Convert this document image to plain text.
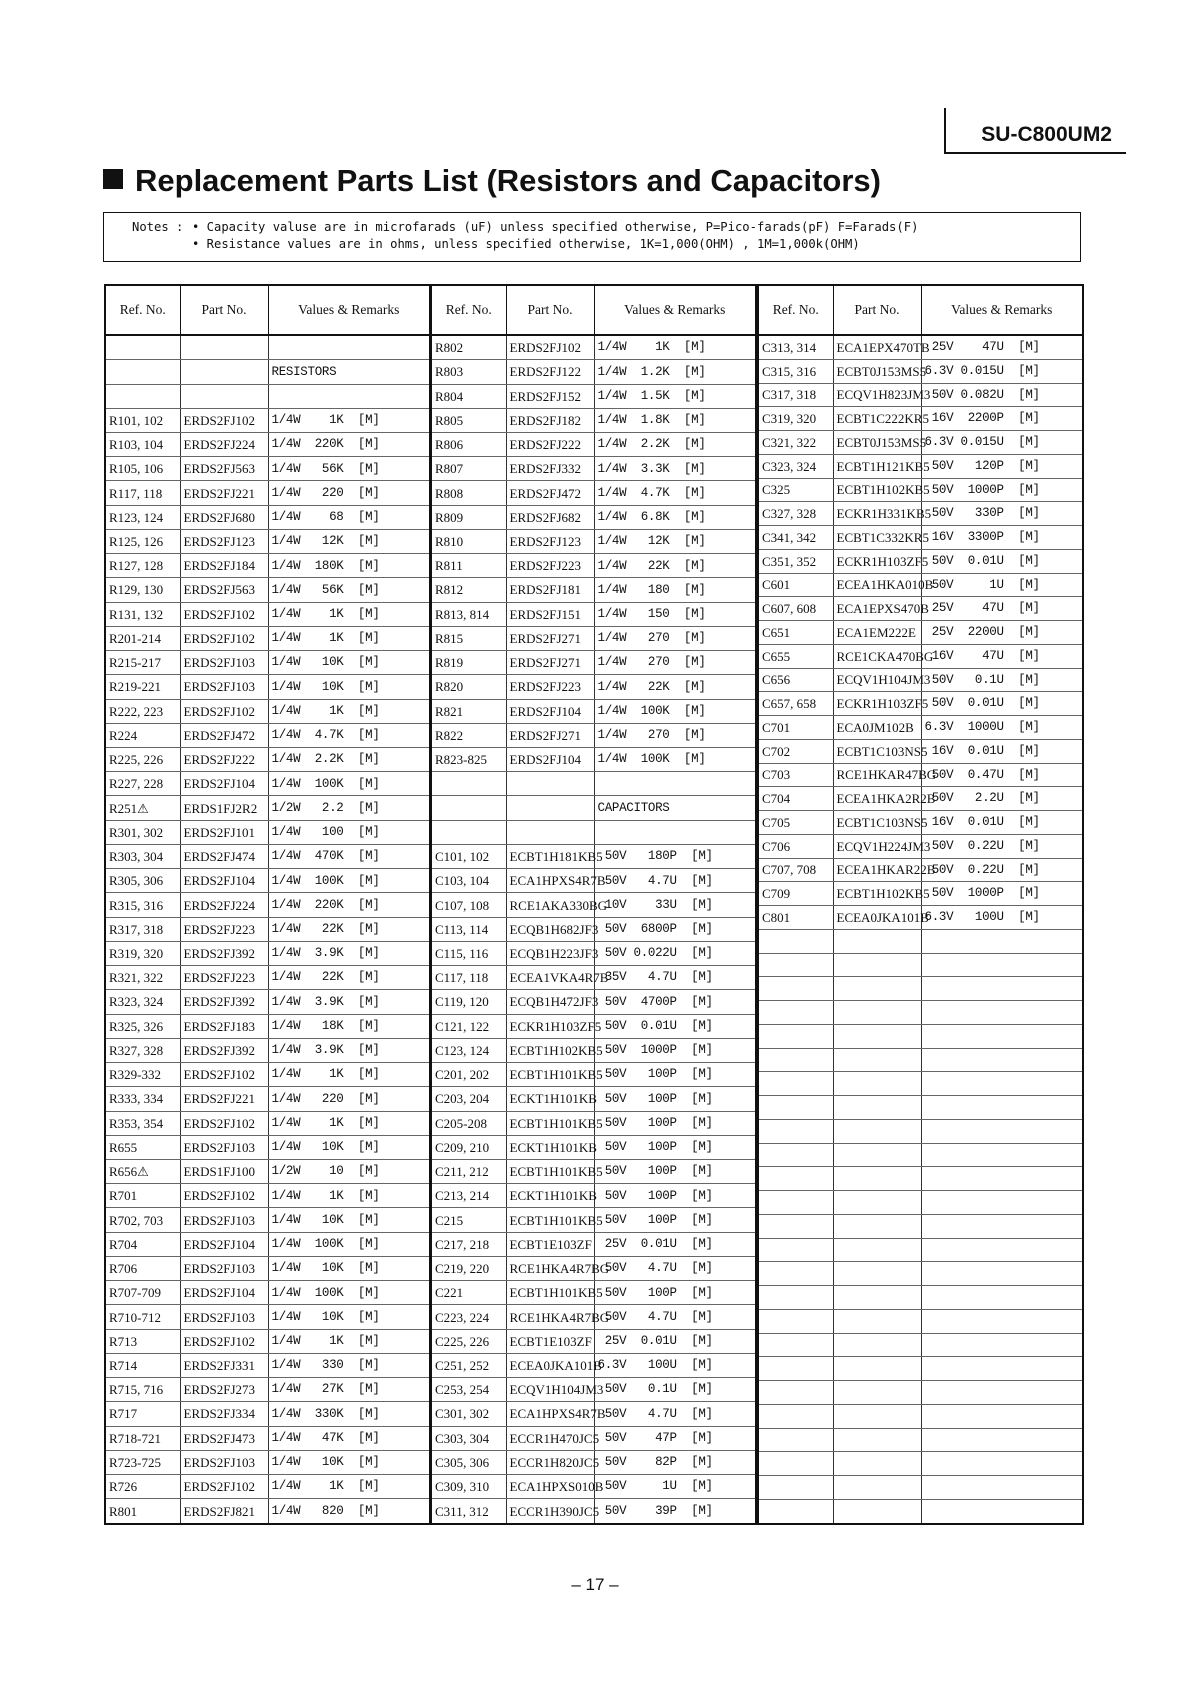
SU-C800UM2
Replacement Parts List (Resistors and Capacitors)
Notes : • Capacity valuse are in microfarads (uF) unless specified otherwise, P=Pico-farads(pF) F=Farads(F)
• Resistance values are in ohms, unless specified otherwise, 1K=1,000(OHM) , 1M=1,000k(OHM)
Ref. No.	Part No.	Values & Remarks

		RESISTORS

R101, 102	ERDS2FJ102	1/4W    1K  [M]
R103, 104	ERDS2FJ224	1/4W  220K  [M]
R105, 106	ERDS2FJ563	1/4W   56K  [M]
R117, 118	ERDS2FJ221	1/4W   220  [M]
R123, 124	ERDS2FJ680	1/4W    68  [M]
R125, 126	ERDS2FJ123	1/4W   12K  [M]
R127, 128	ERDS2FJ184	1/4W  180K  [M]
R129, 130	ERDS2FJ563	1/4W   56K  [M]
R131, 132	ERDS2FJ102	1/4W    1K  [M]
R201-214	ERDS2FJ102	1/4W    1K  [M]
R215-217	ERDS2FJ103	1/4W   10K  [M]
R219-221	ERDS2FJ103	1/4W   10K  [M]
R222, 223	ERDS2FJ102	1/4W    1K  [M]
R224	ERDS2FJ472	1/4W  4.7K  [M]
R225, 226	ERDS2FJ222	1/4W  2.2K  [M]
R227, 228	ERDS2FJ104	1/4W  100K  [M]
R251⚠	ERDS1FJ2R2	1/2W   2.2  [M]
R301, 302	ERDS2FJ101	1/4W   100  [M]
R303, 304	ERDS2FJ474	1/4W  470K  [M]
R305, 306	ERDS2FJ104	1/4W  100K  [M]
R315, 316	ERDS2FJ224	1/4W  220K  [M]
R317, 318	ERDS2FJ223	1/4W   22K  [M]
R319, 320	ERDS2FJ392	1/4W  3.9K  [M]
R321, 322	ERDS2FJ223	1/4W   22K  [M]
R323, 324	ERDS2FJ392	1/4W  3.9K  [M]
R325, 326	ERDS2FJ183	1/4W   18K  [M]
R327, 328	ERDS2FJ392	1/4W  3.9K  [M]
R329-332	ERDS2FJ102	1/4W    1K  [M]
R333, 334	ERDS2FJ221	1/4W   220  [M]
R353, 354	ERDS2FJ102	1/4W    1K  [M]
R655	ERDS2FJ103	1/4W   10K  [M]
R656⚠	ERDS1FJ100	1/2W    10  [M]
R701	ERDS2FJ102	1/4W    1K  [M]
R702, 703	ERDS2FJ103	1/4W   10K  [M]
R704	ERDS2FJ104	1/4W  100K  [M]
R706	ERDS2FJ103	1/4W   10K  [M]
R707-709	ERDS2FJ104	1/4W  100K  [M]
R710-712	ERDS2FJ103	1/4W   10K  [M]
R713	ERDS2FJ102	1/4W    1K  [M]
R714	ERDS2FJ331	1/4W   330  [M]
R715, 716	ERDS2FJ273	1/4W   27K  [M]
R717	ERDS2FJ334	1/4W  330K  [M]
R718-721	ERDS2FJ473	1/4W   47K  [M]
R723-725	ERDS2FJ103	1/4W   10K  [M]
R726	ERDS2FJ102	1/4W    1K  [M]
R801	ERDS2FJ821	1/4W   820  [M]
Ref. No.	Part No.	Values & Remarks
R802	ERDS2FJ102	1/4W    1K  [M]
R803	ERDS2FJ122	1/4W  1.2K  [M]
R804	ERDS2FJ152	1/4W  1.5K  [M]
R805	ERDS2FJ182	1/4W  1.8K  [M]
R806	ERDS2FJ222	1/4W  2.2K  [M]
R807	ERDS2FJ332	1/4W  3.3K  [M]
R808	ERDS2FJ472	1/4W  4.7K  [M]
R809	ERDS2FJ682	1/4W  6.8K  [M]
R810	ERDS2FJ123	1/4W   12K  [M]
R811	ERDS2FJ223	1/4W   22K  [M]
R812	ERDS2FJ181	1/4W   180  [M]
R813, 814	ERDS2FJ151	1/4W   150  [M]
R815	ERDS2FJ271	1/4W   270  [M]
R819	ERDS2FJ271	1/4W   270  [M]
R820	ERDS2FJ223	1/4W   22K  [M]
R821	ERDS2FJ104	1/4W  100K  [M]
R822	ERDS2FJ271	1/4W   270  [M]
R823-825	ERDS2FJ104	1/4W  100K  [M]

		CAPACITORS

C101, 102	ECBT1H181KB5	50V   180P  [M]
C103, 104	ECA1HPXS4R7B	50V   4.7U  [M]
C107, 108	RCE1AKA330BG	10V    33U  [M]
C113, 114	ECQB1H682JF3	50V  6800P  [M]
C115, 116	ECQB1H223JF3	50V 0.022U  [M]
C117, 118	ECEA1VKA4R7B	35V   4.7U  [M]
C119, 120	ECQB1H472JF3	50V  4700P  [M]
C121, 122	ECKR1H103ZF5	50V  0.01U  [M]
C123, 124	ECBT1H102KB5	50V  1000P  [M]
C201, 202	ECBT1H101KB5	50V   100P  [M]
C203, 204	ECKT1H101KB	50V   100P  [M]
C205-208	ECBT1H101KB5	50V   100P  [M]
C209, 210	ECKT1H101KB	50V   100P  [M]
C211, 212	ECBT1H101KB5	50V   100P  [M]
C213, 214	ECKT1H101KB	50V   100P  [M]
C215	ECBT1H101KB5	50V   100P  [M]
C217, 218	ECBT1E103ZF	25V  0.01U  [M]
C219, 220	RCE1HKA4R7BG	50V   4.7U  [M]
C221	ECBT1H101KB5	50V   100P  [M]
C223, 224	RCE1HKA4R7BG	50V   4.7U  [M]
C225, 226	ECBT1E103ZF	25V  0.01U  [M]
C251, 252	ECEA0JKA101B	6.3V   100U  [M]
C253, 254	ECQV1H104JM3	50V   0.1U  [M]
C301, 302	ECA1HPXS4R7B	50V   4.7U  [M]
C303, 304	ECCR1H470JC5	50V    47P  [M]
C305, 306	ECCR1H820JC5	50V    82P  [M]
C309, 310	ECA1HPXS010B	50V     1U  [M]
C311, 312	ECCR1H390JC5	50V    39P  [M]
Ref. No.	Part No.	Values & Remarks
C313, 314	ECA1EPX470TB	25V    47U  [M]
C315, 316	ECBT0J153MS5	6.3V 0.015U  [M]
C317, 318	ECQV1H823JM3	50V 0.082U  [M]
C319, 320	ECBT1C222KR5	16V  2200P  [M]
C321, 322	ECBT0J153MS5	6.3V 0.015U  [M]
C323, 324	ECBT1H121KB5	50V   120P  [M]
C325	ECBT1H102KB5	50V  1000P  [M]
C327, 328	ECKR1H331KB5	50V   330P  [M]
C341, 342	ECBT1C332KR5	16V  3300P  [M]
C351, 352	ECKR1H103ZF5	50V  0.01U  [M]
C601	ECEA1HKA010B	50V     1U  [M]
C607, 608	ECA1EPXS470B	25V    47U  [M]
C651	ECA1EM222E	25V  2200U  [M]
C655	RCE1CKA470BG	16V    47U  [M]
C656	ECQV1H104JM3	50V   0.1U  [M]
C657, 658	ECKR1H103ZF5	50V  0.01U  [M]
C701	ECA0JM102B	6.3V  1000U  [M]
C702	ECBT1C103NS5	16V  0.01U  [M]
C703	RCE1HKAR47BG	50V  0.47U  [M]
C704	ECEA1HKA2R2B	50V   2.2U  [M]
C705	ECBT1C103NS5	16V  0.01U  [M]
C706	ECQV1H224JM3	50V  0.22U  [M]
C707, 708	ECEA1HKAR22B	50V  0.22U  [M]
C709	ECBT1H102KB5	50V  1000P  [M]
C801	ECEA0JKA101B	6.3V   100U  [M]

– 17 –
